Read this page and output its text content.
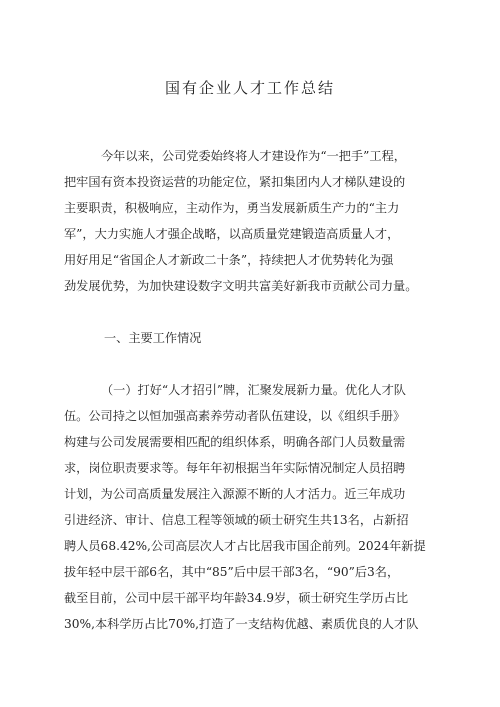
国有企业人才工作总结

今年以来，公司党委始终将人才建设作为“一把手”工程，

把牢国有资本投资运营的功能定位，紧扣集团内人才梯队建设的

主要职责，积极响应，主动作为，勇当发展新质生产力的“主力

军”，大力实施人才强企战略，以高质量党建锻造高质量人才，

用好用足“省国企人才新政二十条”，持续把人才优势转化为强

劲发展优势，为加快建设数字文明共富美好新我市贡献公司力量。

一、主要工作情况

（一）打好“人才招引”牌，汇聚发展新力量。优化人才队

伍。公司持之以恒加强高素养劳动者队伍建设，以《组织手册》

构建与公司发展需要相匹配的组织体系，明确各部门人员数量需

求，岗位职责要求等。每年年初根据当年实际情况制定人员招聘

计划，为公司高质量发展注入源源不断的人才活力。近三年成功

引进经济、审计、信息工程等领域的硕士研究生共13名，占新招

聘人员68.42%,公司高层次人才占比居我市国企前列。2024年新提

拔年轻中层干部6名，其中“85”后中层干部3名，“90”后3名，

截至目前，公司中层干部平均年龄34.9岁，硕士研究生学历占比

30%,本科学历占比70%,打造了一支结构优越、素质优良的人才队
